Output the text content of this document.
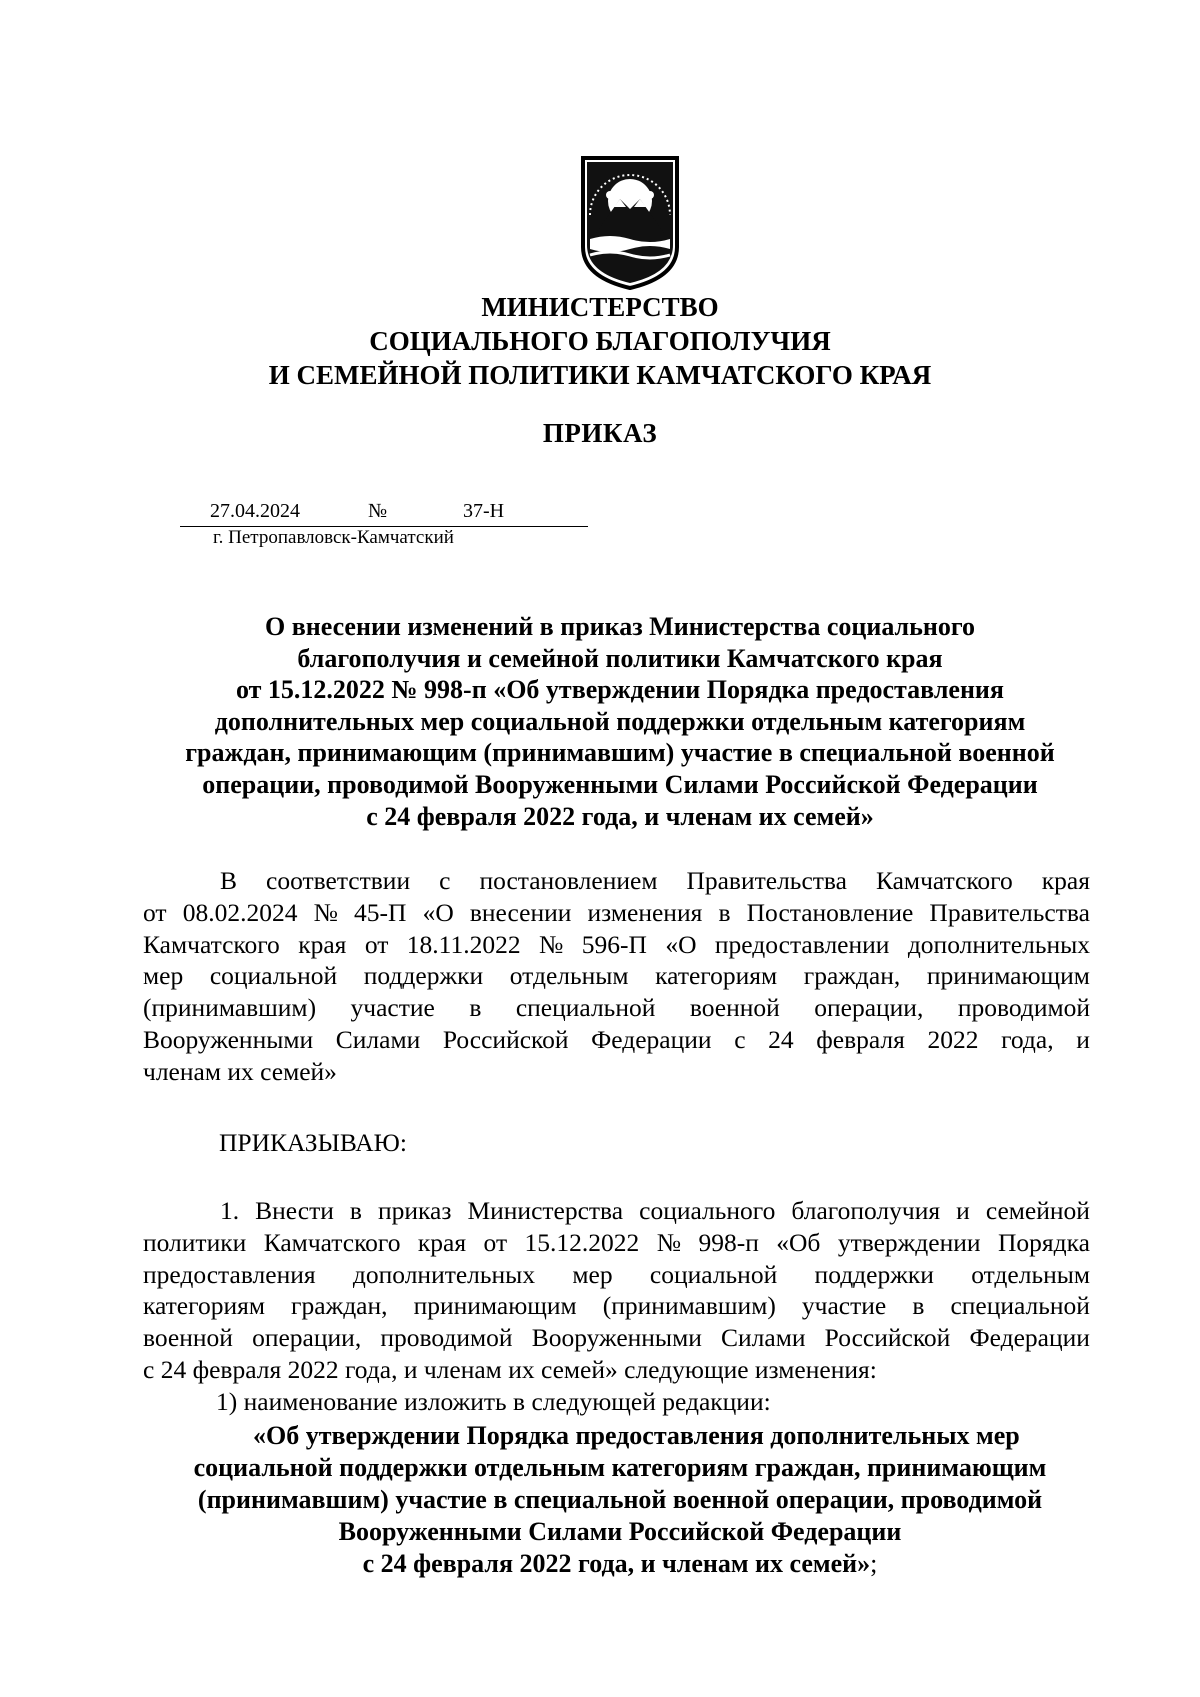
МИНИСТЕРСТВО
СОЦИАЛЬНОГО БЛАГОПОЛУЧИЯ
И СЕМЕЙНОЙ ПОЛИТИКИ КАМЧАТСКОГО КРАЯ
ПРИКАЗ
27.04.2024	№	37-Н
г. Петропавловск-Камчатский
О внесении изменений в приказ Министерства социального
благополучия и семейной политики Камчатского края
от 15.12.2022 № 998-п «Об утверждении Порядка предоставления
дополнительных мер социальной поддержки отдельным категориям
граждан, принимающим (принимавшим) участие в специальной военной
операции, проводимой Вооруженными Силами Российской Федерации
с 24 февраля 2022 года, и членам их семей»
В соответствии с постановлением Правительства Камчатского края
от 08.02.2024 № 45-П «О внесении изменения в Постановление Правительства
Камчатского края от 18.11.2022 № 596-П «О предоставлении дополнительных
мер социальной поддержки отдельным категориям граждан, принимающим
(принимавшим) участие в специальной военной операции, проводимой
Вооруженными Силами Российской Федерации с 24 февраля 2022 года, и
членам их семей»
ПРИКАЗЫВАЮ:
1. Внести в приказ Министерства социального благополучия и семейной
политики Камчатского края от 15.12.2022 № 998-п «Об утверждении Порядка
предоставления дополнительных мер социальной поддержки отдельным
категориям граждан, принимающим (принимавшим) участие в специальной
военной операции, проводимой Вооруженными Силами Российской Федерации
с 24 февраля 2022 года, и членам их семей» следующие изменения:
1) наименование изложить в следующей редакции:
«Об утверждении Порядка предоставления дополнительных мер
социальной поддержки отдельным категориям граждан, принимающим
(принимавшим) участие в специальной военной операции, проводимой
Вооруженными Силами Российской Федерации
с 24 февраля 2022 года, и членам их семей»;
